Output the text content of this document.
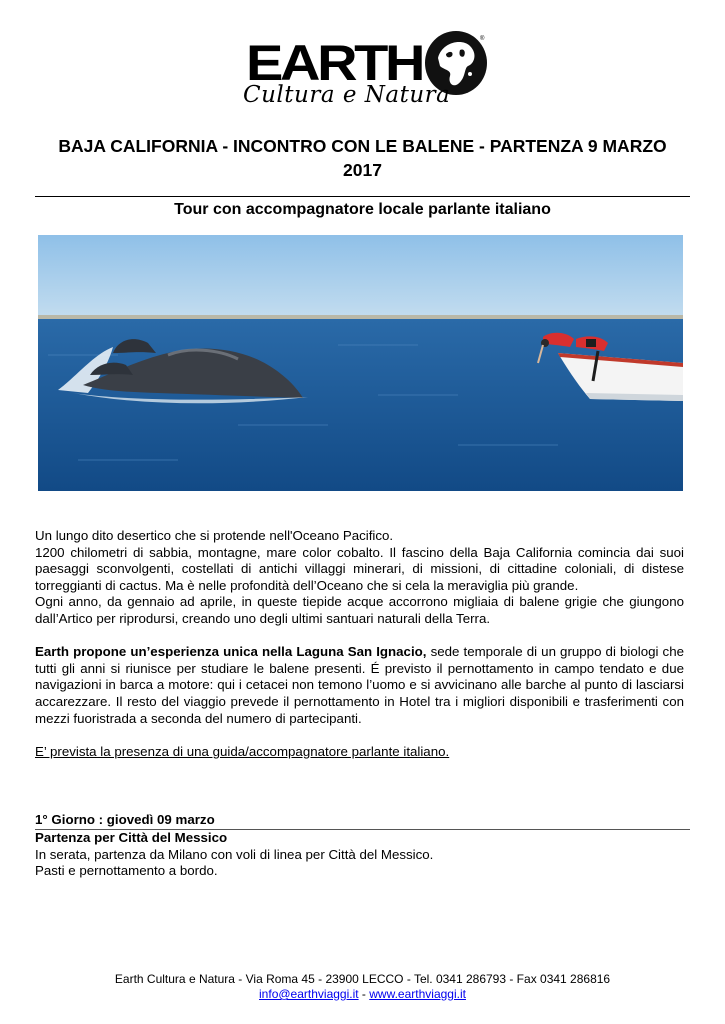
EARTH	®
Cultura e Natura
BAJA CALIFORNIA - INCONTRO CON LE BALENE - PARTENZA 9 MARZO 2017
Tour con accompagnatore locale parlante italiano
Un lungo dito desertico che si protende nell'Oceano Pacifico.
1200 chilometri di sabbia, montagne, mare color cobalto. Il fascino della Baja California comincia dai suoi paesaggi sconvolgenti, costellati di antichi villaggi minerari, di missioni, di cittadine coloniali, di distese torreggianti di cactus. Ma è nelle profondità dell’Oceano che si cela la meraviglia più grande.
Ogni anno, da gennaio ad aprile, in queste tiepide acque accorrono migliaia di balene grigie che giungono dall’Artico per riprodursi, creando uno degli ultimi santuari naturali della Terra.
Earth propone un’esperienza unica nella Laguna San Ignacio, sede temporale di un gruppo di biologi che tutti gli anni si riunisce per studiare le balene presenti. É previsto il pernottamento in campo tendato e due navigazioni in barca a motore: qui i cetacei non temono l’uomo e si avvicinano alle barche al punto di lasciarsi accarezzare. Il resto del viaggio prevede il pernottamento in Hotel tra i migliori disponibili e trasferimenti con mezzi fuoristrada a seconda del numero di partecipanti.
E’ prevista la presenza di una guida/accompagnatore parlante italiano.
1° Giorno : giovedì 09 marzo
Partenza per Città del Messico
In serata, partenza da Milano con voli di linea per Città del Messico.
Pasti e pernottamento a bordo.
Earth Cultura e Natura - Via Roma 45 - 23900 LECCO - Tel. 0341 286793 - Fax 0341 286816
info@earthviaggi.it - www.earthviaggi.it
